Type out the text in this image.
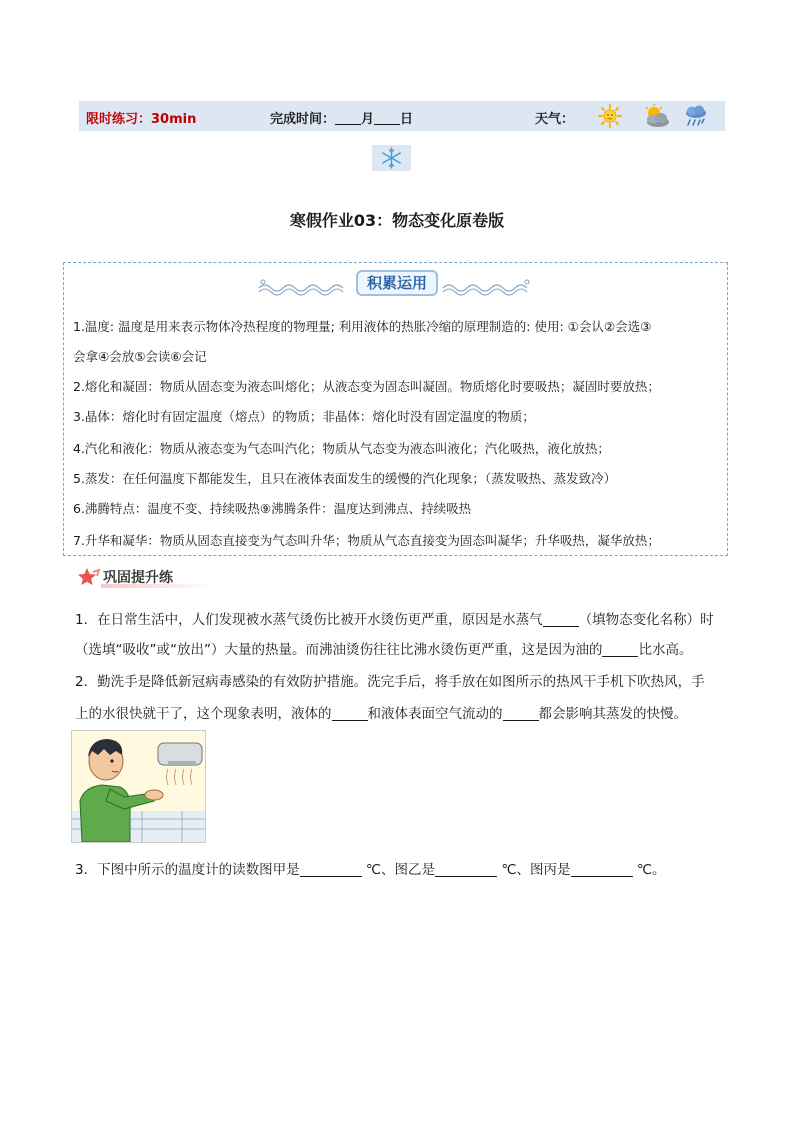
限时练习：30min	完成时间： 月 日	天气：
寒假作业03：物态变化原卷版
积累运用
1.温度: 温度是用来表示物体冷热程度的物理量; 利用液体的热胀冷缩的原理制造的: 使用: ①会认②会选③
会拿④会放⑤会读⑥会记
2.熔化和凝固：物质从固态变为液态叫熔化；从液态变为固态叫凝固。物质熔化时要吸热；凝固时要放热；
3.晶体：熔化时有固定温度（熔点）的物质；非晶体：熔化时没有固定温度的物质；
4.汽化和液化：物质从液态变为气态叫汽化；物质从气态变为液态叫液化；汽化吸热，液化放热；
5.蒸发：在任何温度下都能发生，且只在液体表面发生的缓慢的汽化现象；（蒸发吸热、蒸发致冷）
6.沸腾特点：温度不变、持续吸热⑨沸腾条件：温度达到沸点、持续吸热
7.升华和凝华：物质从固态直接变为气态叫升华；物质从气态直接变为固态叫凝华；升华吸热，凝华放热；
巩固提升练
1．在日常生活中，人们发现被水蒸气烫伤比被开水烫伤更严重，原因是水蒸气	（填物态变化名称）时
（选填“吸收”或“放出”）大量的热量。而沸油烫伤往往比沸水烫伤更严重，这是因为油的	比水高。
2．勤洗手是降低新冠病毒感染的有效防护措施。洗完手后，将手放在如图所示的热风干手机下吹热风，手
上的水很快就干了，这个现象表明，液体的	和液体表面空气流动的	都会影响其蒸发的快慢。
3．下图中所示的温度计的读数图甲是	℃、图乙是	℃、图丙是	℃。
